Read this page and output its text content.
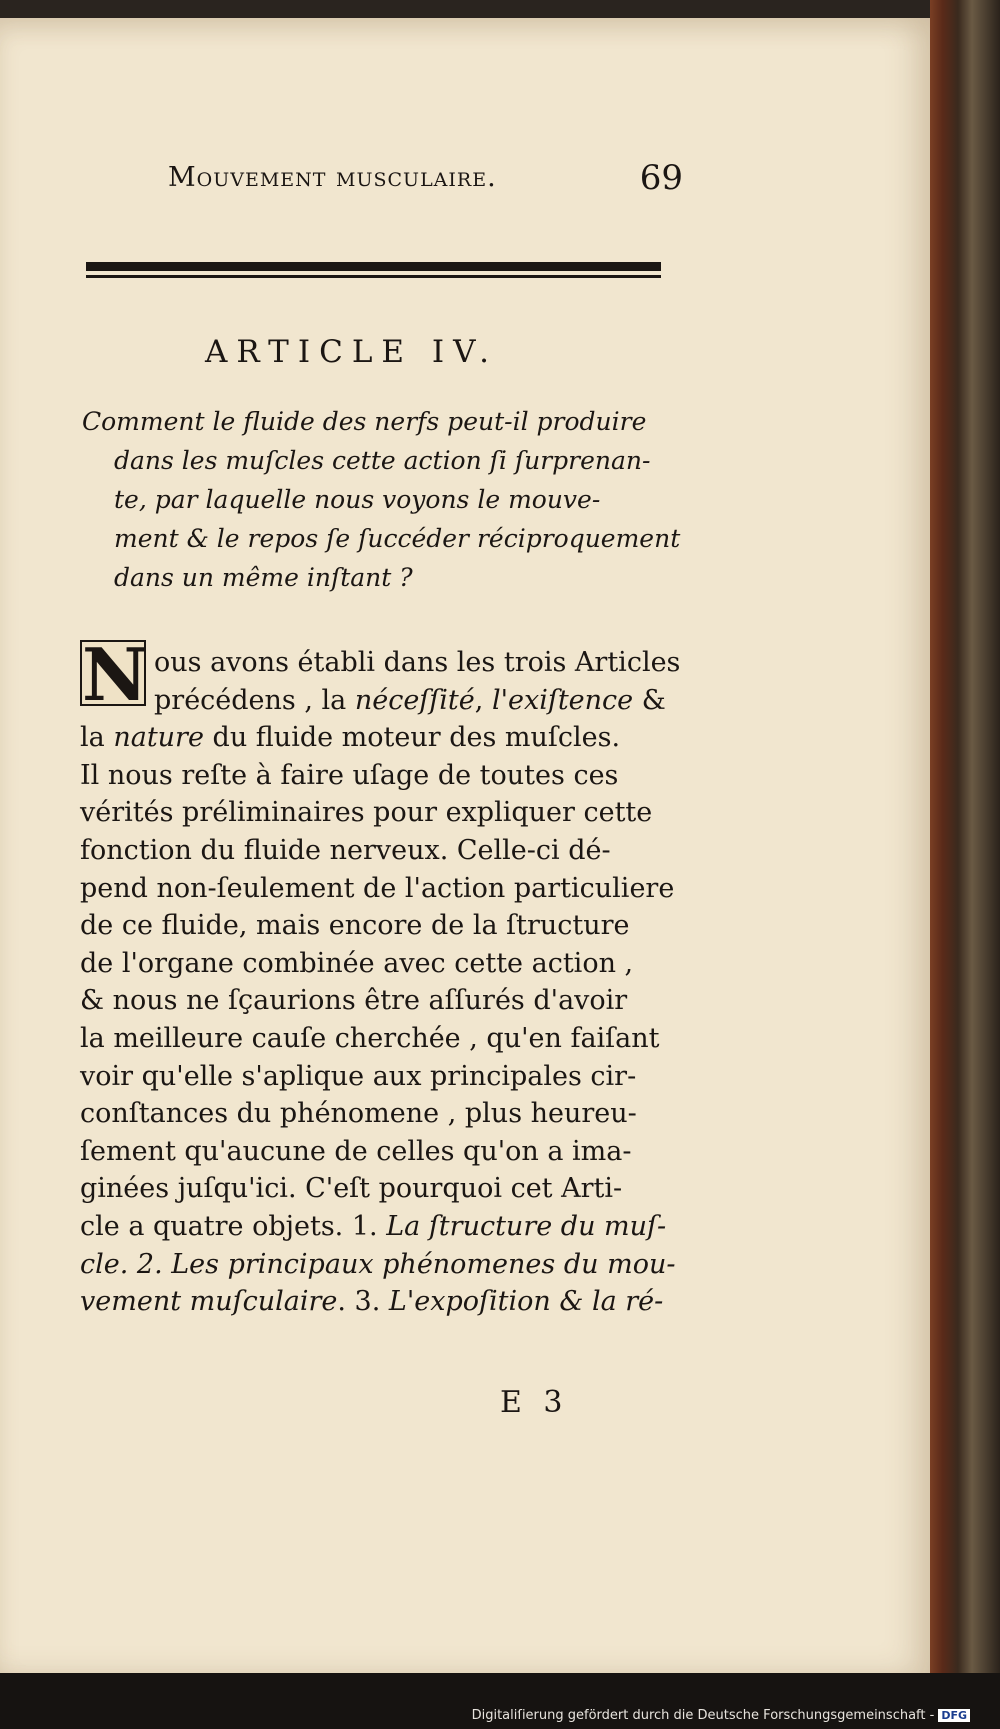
Mouvement musculaire.	69
ARTICLE IV.
Comment le fluide des nerfs peut-il produire
dans les muſcles cette action ſi ſurprenan-
te, par laquelle nous voyons le mouve-
ment & le repos ſe ſuccéder réciproquement
dans un même inſtant ?
N ous avons établi dans les trois Articles
précédens , la néceſſité, l'exiſtence &
la nature du fluide moteur des muſcles.
Il nous reſte à faire uſage de toutes ces
vérités préliminaires pour expliquer cette
fonction du fluide nerveux. Celle-ci dé-
pend non-ſeulement de l'action particuliere
de ce fluide, mais encore de la ſtructure
de l'organe combinée avec cette action ,
& nous ne ſçaurions être aſſurés d'avoir
la meilleure cauſe cherchée , qu'en faiſant
voir qu'elle s'aplique aux principales cir-
conſtances du phénomene , plus heureu-
ſement qu'aucune de celles qu'on a ima-
ginées juſqu'ici. C'eſt pourquoi cet Arti-
cle a quatre objets. 1. La ſtructure du muſ-
cle. 2. Les principaux phénomenes du mou-
vement muſculaire. 3. L'expoſition & la ré-
E 3
Digitaliſierung gefördert durch die Deutsche Forschungsgemeinschaft - DFG
